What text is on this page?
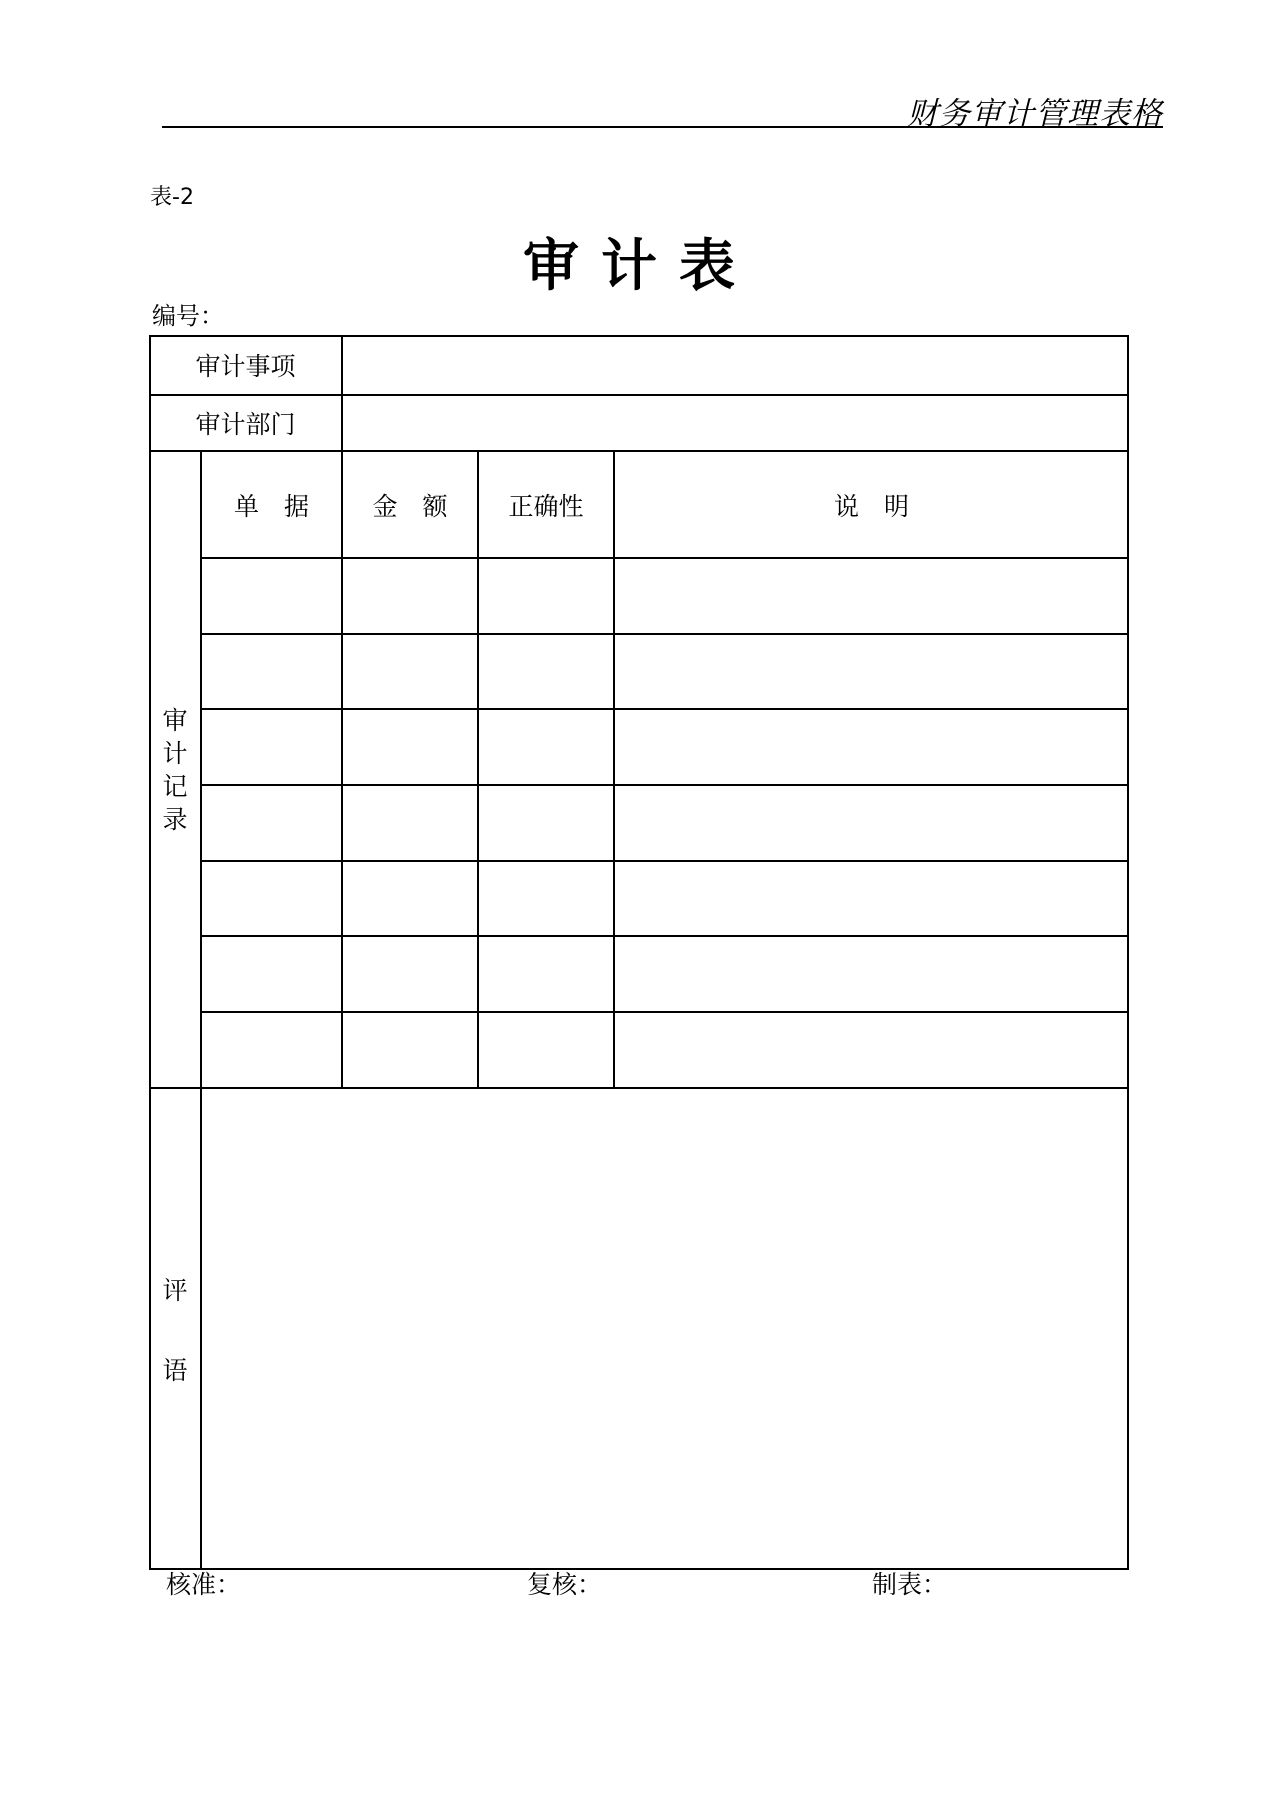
财务审计管理表格
表-2
审计表
编号：
审计事项
审计部门
审
计
记
录
单　据	金　额	正确性	说　明
评
语
核准：	复核：	制表：
